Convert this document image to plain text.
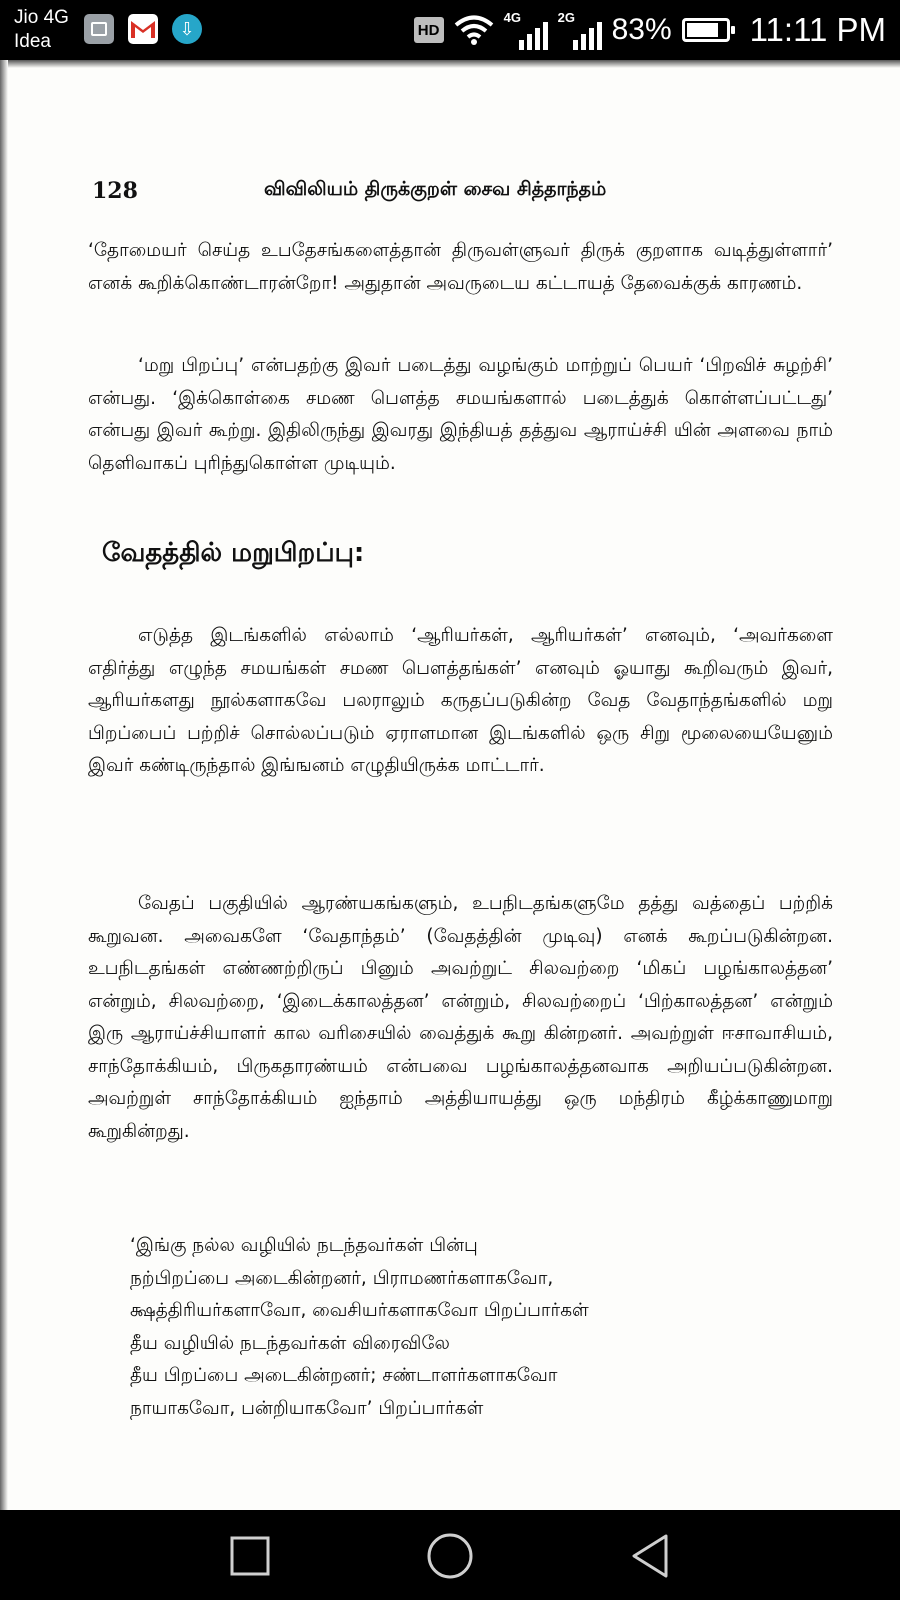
Jio 4G
Idea
⇩	HD
4G	2G 83% 11:11 PM
128	விவிலியம் திருக்குறள் சைவ சித்தாந்தம்

‘தோமையர் செய்த உபதேசங்களைத்தான் திருவள்ளுவர் திருக் குறளாக வடித்துள்ளார்’ எனக் கூறிக்கொண்டாரன்றோ! அதுதான் அவருடைய கட்டாயத் தேவைக்குக் காரணம்.

‘மறு பிறப்பு’ என்பதற்கு இவர் படைத்து வழங்கும் மாற்றுப் பெயர் ‘பிறவிச் சுழற்சி’ என்பது. ‘இக்கொள்கை சமண பௌத்த சமயங்களால் படைத்துக் கொள்ளப்பட்டது’ என்பது இவர் கூற்று. இதிலிருந்து இவரது இந்தியத் தத்துவ ஆராய்ச்சி யின் அளவை நாம் தெளிவாகப் புரிந்துகொள்ள முடியும்.

வேதத்தில் மறுபிறப்பு:

எடுத்த இடங்களில் எல்லாம் ‘ஆரியர்கள், ஆரியர்கள்’ எனவும், ‘அவர்களை எதிர்த்து எழுந்த சமயங்கள் சமண பௌத்தங்கள்’ எனவும் ஓயாது கூறிவரும் இவர், ஆரியர்களது நூல்களாகவே பலராலும் கருதப்படுகின்ற வேத வேதாந்தங்களில் மறு பிறப்பைப் பற்றிச் சொல்லப்படும் ஏராளமான இடங்களில் ஒரு சிறு மூலையையேனும் இவர் கண்டிருந்தால் இங்ஙனம் எழுதியிருக்க மாட்டார்.

வேதப் பகுதியில் ஆரண்யகங்களும், உபநிடதங்களுமே தத்து வத்தைப் பற்றிக் கூறுவன. அவைகளே ‘வேதாந்தம்’ (வேதத்தின் முடிவு) எனக் கூறப்படுகின்றன. உபநிடதங்கள் எண்ணற்றிருப் பினும் அவற்றுட் சிலவற்றை ‘மிகப் பழங்காலத்தன’ என்றும், சிலவற்றை, ‘இடைக்காலத்தன’ என்றும், சிலவற்றைப் ‘பிற்காலத்தன’ என்றும் இரு ஆராய்ச்சியாளர் கால வரிசையில் வைத்துக் கூறு கின்றனர். அவற்றுள் ஈசாவாசியம், சாந்தோக்கியம், பிருகதாரண்யம் என்பவை பழங்காலத்தனவாக அறியப்படுகின்றன. அவற்றுள் சாந்தோக்கியம் ஐந்தாம் அத்தியாயத்து ஒரு மந்திரம் கீழ்க்காணுமாறு கூறுகின்றது.

‘இங்கு நல்ல வழியில் நடந்தவர்கள் பின்பு
நற்பிறப்பை அடைகின்றனர், பிராமணர்களாகவோ,
க்ஷத்திரியர்களாவோ, வைசியர்களாகவோ பிறப்பார்கள்
தீய வழியில் நடந்தவர்கள் விரைவிலே
தீய பிறப்பை அடைகின்றனர்; சண்டாளர்களாகவோ
நாயாகவோ, பன்றியாகவோ’ பிறப்பார்கள்
